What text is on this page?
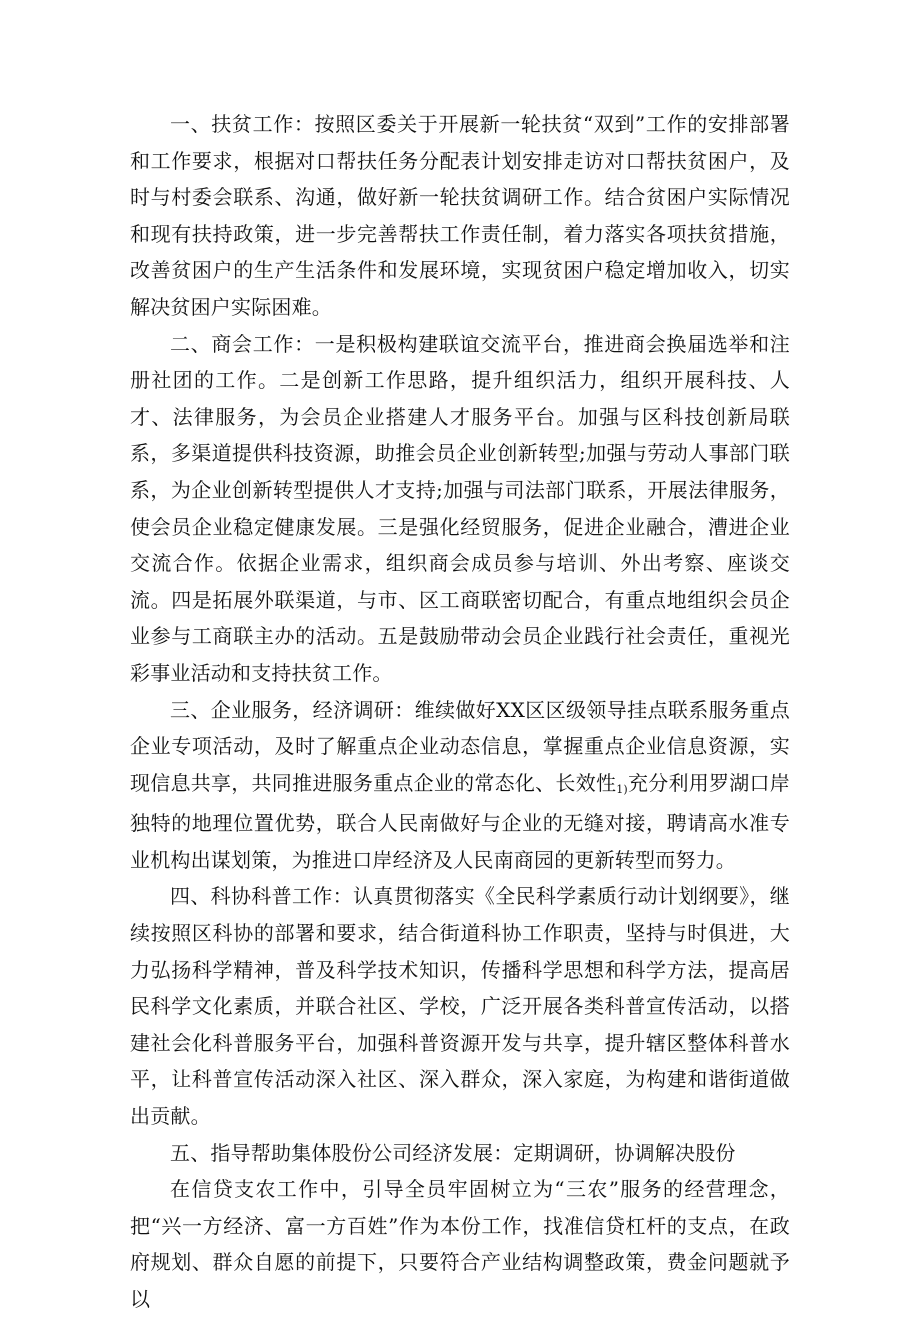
一、扶贫工作：按照区委关于开展新一轮扶贫“双到”工作的安排部署和工作要求，根据对口帮扶任务分配表计划安排走访对口帮扶贫困户，及时与村委会联系、沟通，做好新一轮扶贫调研工作。结合贫困户实际情况和现有扶持政策，进一步完善帮扶工作责任制，着力落实各项扶贫措施，改善贫困户的生产生活条件和发展环境，实现贫困户稳定增加收入，切实解决贫困户实际困难。

二、商会工作：一是积极构建联谊交流平台，推进商会换届选举和注册社团的工作。二是创新工作思路，提升组织活力，组织开展科技、人才、法律服务，为会员企业搭建人才服务平台。加强与区科技创新局联系，多渠道提供科技资源，助推会员企业创新转型;加强与劳动人事部门联系，为企业创新转型提供人才支持;加强与司法部门联系，开展法律服务，使会员企业稳定健康发展。三是强化经贸服务，促进企业融合，漕进企业交流合作。依据企业需求，组织商会成员参与培训、外出考察、座谈交流。四是拓展外联渠道，与市、区工商联密切配合，有重点地组织会员企业参与工商联主办的活动。五是鼓励带动会员企业践行社会责任，重视光彩事业活动和支持扶贫工作。

三、企业服务，经济调研：维续做好XX区区级领导挂点联系服务重点企业专项活动，及时了解重点企业动态信息，掌握重点企业信息资源，实现信息共享，共同推进服务重点企业的常态化、长效性1)充分利用罗湖口岸独特的地理位置优势，联合人民南做好与企业的无缝对接，聘请高水准专业机构出谋划策，为推进口岸经济及人民南商园的更新转型而努力。

四、科协科普工作：认真贯彻落实《全民科学素质行动计划纲要》，继续按照区科协的部署和要求，结合街道科协工作职责，坚持与时俱进，大力弘扬科学精神，普及科学技术知识，传播科学思想和科学方法，提高居民科学文化素质，并联合社区、学校，广泛开展各类科普宣传活动，以搭建社会化科普服务平台，加强科普资源开发与共享，提升辖区整体科普水平，让科普宣传活动深入社区、深入群众，深入家庭，为构建和谐街道做出贡献。

五、指导帮助集体股份公司经济发展：定期调研，协调解决股份

在信贷支农工作中，引导全员牢固树立为“三农”服务的经营理念，把“兴一方经济、富一方百姓”作为本份工作，找准信贷杠杆的支点，在政府规划、群众自愿的前提下，只要符合产业结构调整政策，费金问题就予以
